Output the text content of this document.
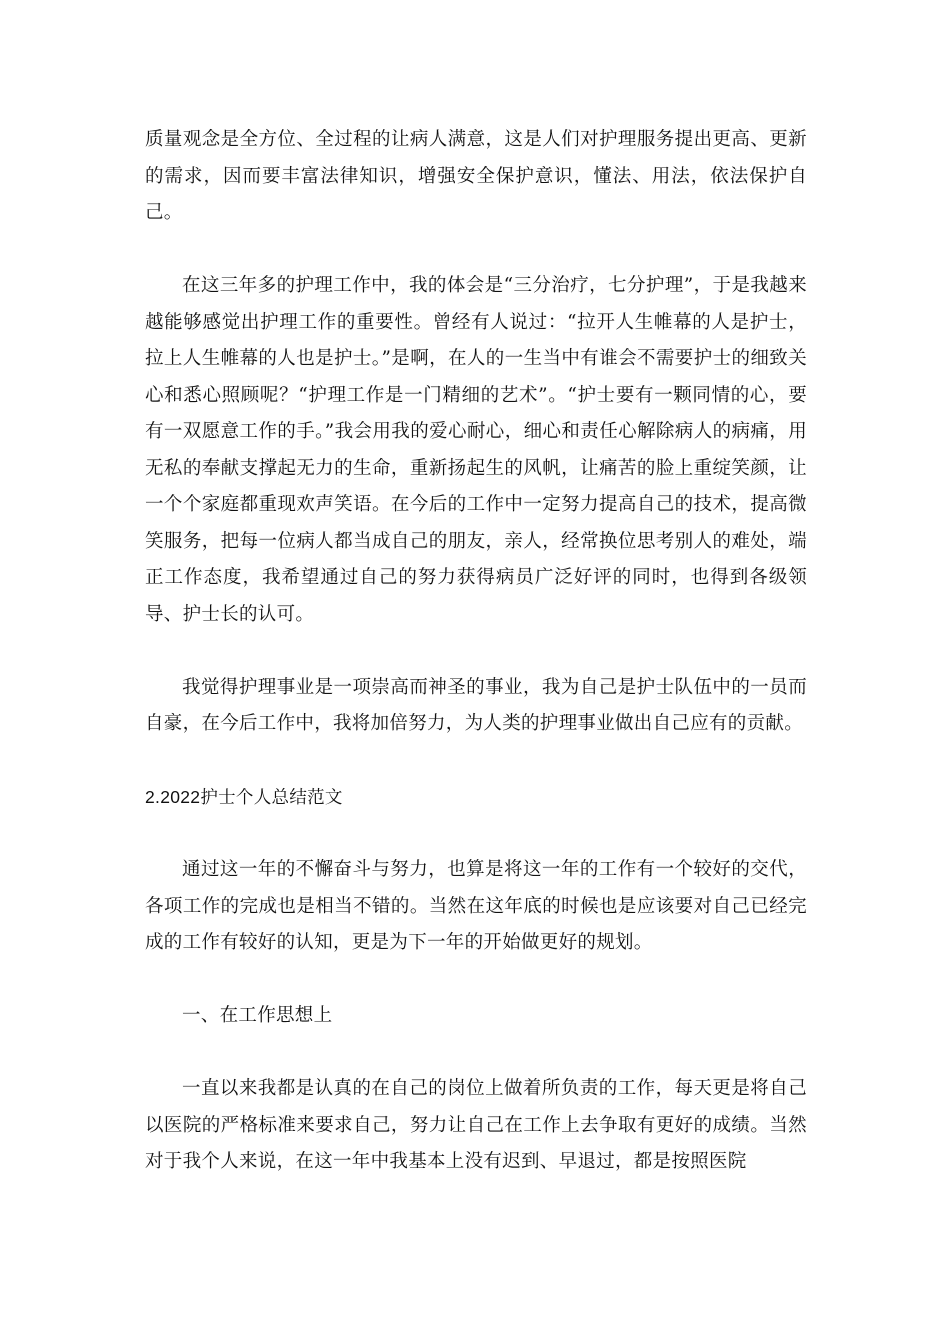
质量观念是全方位、全过程的让病人满意，这是人们对护理服务提出更高、更新的需求，因而要丰富法律知识，增强安全保护意识，懂法、用法，依法保护自己。

在这三年多的护理工作中，我的体会是“三分治疗，七分护理”，于是我越来越能够感觉出护理工作的重要性。曾经有人说过：“拉开人生帷幕的人是护士，拉上人生帷幕的人也是护士。”是啊，在人的一生当中有谁会不需要护士的细致关心和悉心照顾呢？“护理工作是一门精细的艺术”。“护士要有一颗同情的心，要有一双愿意工作的手。”我会用我的爱心耐心，细心和责任心解除病人的病痛，用无私的奉献支撑起无力的生命，重新扬起生的风帆，让痛苦的脸上重绽笑颜，让一个个家庭都重现欢声笑语。在今后的工作中一定努力提高自己的技术，提高微笑服务，把每一位病人都当成自己的朋友，亲人，经常换位思考别人的难处，端正工作态度，我希望通过自己的努力获得病员广泛好评的同时，也得到各级领导、护士长的认可。

我觉得护理事业是一项崇高而神圣的事业，我为自己是护士队伍中的一员而自豪，在今后工作中，我将加倍努力，为人类的护理事业做出自己应有的贡献。

2.2022护士个人总结范文

通过这一年的不懈奋斗与努力，也算是将这一年的工作有一个较好的交代，各项工作的完成也是相当不错的。当然在这年底的时候也是应该要对自己已经完成的工作有较好的认知，更是为下一年的开始做更好的规划。

一、在工作思想上

一直以来我都是认真的在自己的岗位上做着所负责的工作，每天更是将自己以医院的严格标准来要求自己，努力让自己在工作上去争取有更好的成绩。当然对于我个人来说，在这一年中我基本上没有迟到、早退过，都是按照医院
